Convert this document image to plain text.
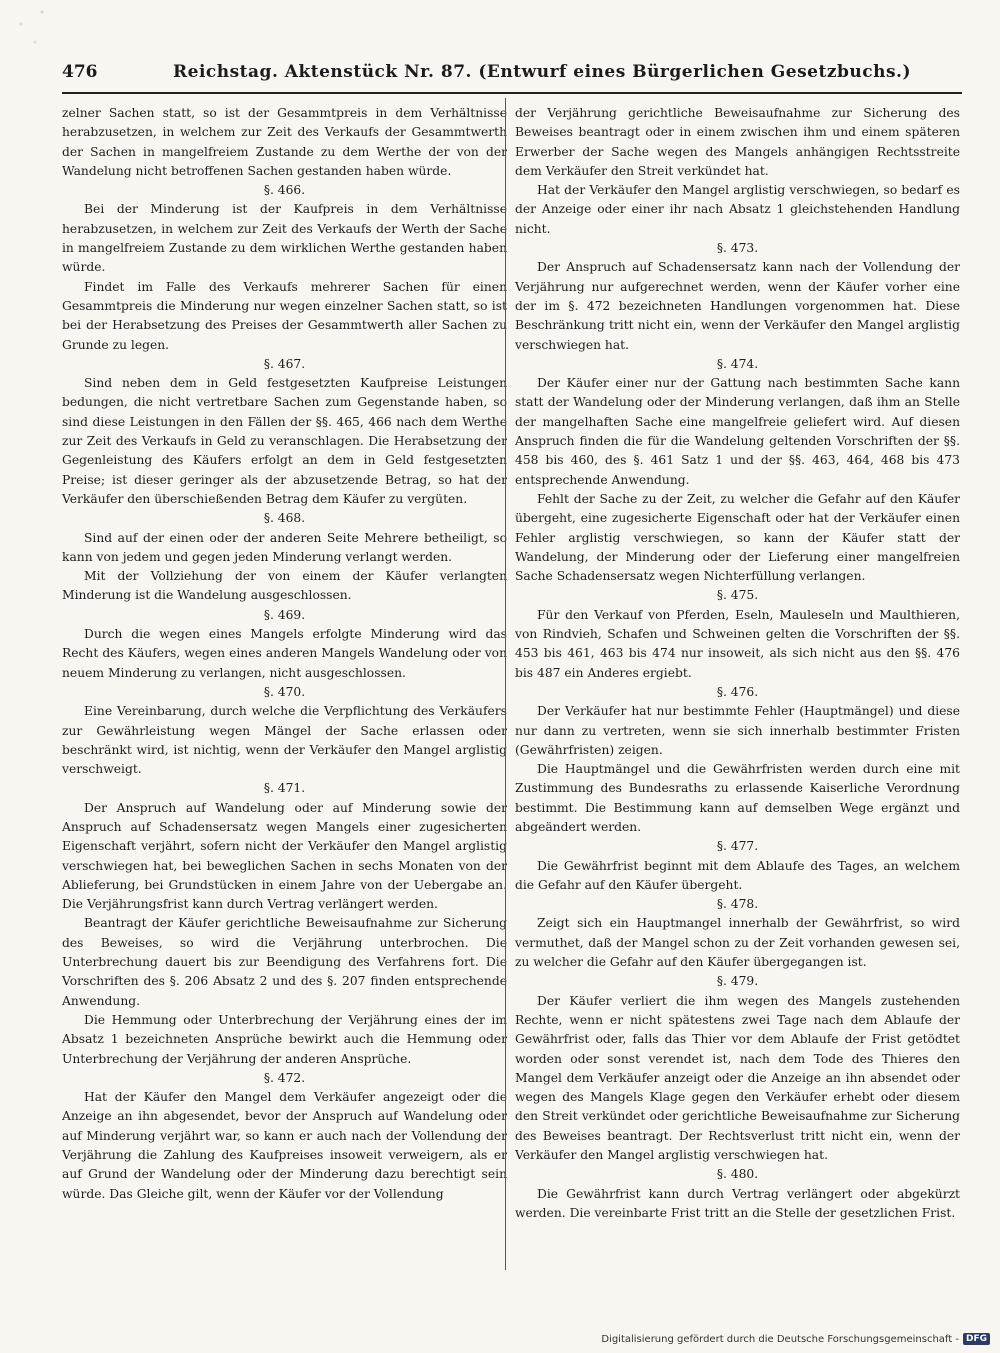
476	Reichstag. Aktenstück Nr. 87. (Entwurf eines Bürgerlichen Gesetzbuchs.)

zelner Sachen statt, so ist der Gesammtpreis in dem Verhältnisse herabzusetzen, in welchem zur Zeit des Verkaufs der Gesammtwerth der Sachen in mangelfreiem Zustande zu dem Werthe der von der Wandelung nicht betroffenen Sachen gestanden haben würde.

§. 466.

Bei der Minderung ist der Kaufpreis in dem Verhältnisse herabzusetzen, in welchem zur Zeit des Verkaufs der Werth der Sache in mangelfreiem Zustande zu dem wirklichen Werthe gestanden haben würde.

Findet im Falle des Verkaufs mehrerer Sachen für einen Gesammtpreis die Minderung nur wegen einzelner Sachen statt, so ist bei der Herabsetzung des Preises der Gesammtwerth aller Sachen zu Grunde zu legen.

§. 467.

Sind neben dem in Geld festgesetzten Kaufpreise Leistungen bedungen, die nicht vertretbare Sachen zum Gegenstande haben, so sind diese Leistungen in den Fällen der §§. 465, 466 nach dem Werthe zur Zeit des Verkaufs in Geld zu veranschlagen. Die Herabsetzung der Gegenleistung des Käufers erfolgt an dem in Geld festgesetzten Preise; ist dieser geringer als der abzusetzende Betrag, so hat der Verkäufer den überschießenden Betrag dem Käufer zu vergüten.

§. 468.

Sind auf der einen oder der anderen Seite Mehrere betheiligt, so kann von jedem und gegen jeden Minderung verlangt werden.

Mit der Vollziehung der von einem der Käufer verlangten Minderung ist die Wandelung ausgeschlossen.

§. 469.

Durch die wegen eines Mangels erfolgte Minderung wird das Recht des Käufers, wegen eines anderen Mangels Wandelung oder von neuem Minderung zu verlangen, nicht ausgeschlossen.

§. 470.

Eine Vereinbarung, durch welche die Verpflichtung des Verkäufers zur Gewährleistung wegen Mängel der Sache erlassen oder beschränkt wird, ist nichtig, wenn der Verkäufer den Mangel arglistig verschweigt.

§. 471.

Der Anspruch auf Wandelung oder auf Minderung sowie der Anspruch auf Schadensersatz wegen Mangels einer zugesicherten Eigenschaft verjährt, sofern nicht der Verkäufer den Mangel arglistig verschwiegen hat, bei beweglichen Sachen in sechs Monaten von der Ablieferung, bei Grundstücken in einem Jahre von der Uebergabe an. Die Verjährungsfrist kann durch Vertrag verlängert werden.

Beantragt der Käufer gerichtliche Beweisaufnahme zur Sicherung des Beweises, so wird die Verjährung unterbrochen. Die Unterbrechung dauert bis zur Beendigung des Verfahrens fort. Die Vorschriften des §. 206 Absatz 2 und des §. 207 finden entsprechende Anwendung.

Die Hemmung oder Unterbrechung der Verjährung eines der im Absatz 1 bezeichneten Ansprüche bewirkt auch die Hemmung oder Unterbrechung der Verjährung der anderen Ansprüche.

§. 472.

Hat der Käufer den Mangel dem Verkäufer angezeigt oder die Anzeige an ihn abgesendet, bevor der Anspruch auf Wandelung oder auf Minderung verjährt war, so kann er auch nach der Vollendung der Verjährung die Zahlung des Kaufpreises insoweit verweigern, als er auf Grund der Wandelung oder der Minderung dazu berechtigt sein würde. Das Gleiche gilt, wenn der Käufer vor der Vollendung

der Verjährung gerichtliche Beweisaufnahme zur Sicherung des Beweises beantragt oder in einem zwischen ihm und einem späteren Erwerber der Sache wegen des Mangels anhängigen Rechtsstreite dem Verkäufer den Streit verkündet hat.

Hat der Verkäufer den Mangel arglistig verschwiegen, so bedarf es der Anzeige oder einer ihr nach Absatz 1 gleichstehenden Handlung nicht.

§. 473.

Der Anspruch auf Schadensersatz kann nach der Vollendung der Verjährung nur aufgerechnet werden, wenn der Käufer vorher eine der im §. 472 bezeichneten Handlungen vorgenommen hat. Diese Beschränkung tritt nicht ein, wenn der Verkäufer den Mangel arglistig verschwiegen hat.

§. 474.

Der Käufer einer nur der Gattung nach bestimmten Sache kann statt der Wandelung oder der Minderung verlangen, daß ihm an Stelle der mangelhaften Sache eine mangelfreie geliefert wird. Auf diesen Anspruch finden die für die Wandelung geltenden Vorschriften der §§. 458 bis 460, des §. 461 Satz 1 und der §§. 463, 464, 468 bis 473 entsprechende Anwendung.

Fehlt der Sache zu der Zeit, zu welcher die Gefahr auf den Käufer übergeht, eine zugesicherte Eigenschaft oder hat der Verkäufer einen Fehler arglistig verschwiegen, so kann der Käufer statt der Wandelung, der Minderung oder der Lieferung einer mangelfreien Sache Schadensersatz wegen Nichterfüllung verlangen.

§. 475.

Für den Verkauf von Pferden, Eseln, Mauleseln und Maulthieren, von Rindvieh, Schafen und Schweinen gelten die Vorschriften der §§. 453 bis 461, 463 bis 474 nur insoweit, als sich nicht aus den §§. 476 bis 487 ein Anderes ergiebt.

§. 476.

Der Verkäufer hat nur bestimmte Fehler (Hauptmängel) und diese nur dann zu vertreten, wenn sie sich innerhalb bestimmter Fristen (Gewährfristen) zeigen.

Die Hauptmängel und die Gewährfristen werden durch eine mit Zustimmung des Bundesraths zu erlassende Kaiserliche Verordnung bestimmt. Die Bestimmung kann auf demselben Wege ergänzt und abgeändert werden.

§. 477.

Die Gewährfrist beginnt mit dem Ablaufe des Tages, an welchem die Gefahr auf den Käufer übergeht.

§. 478.

Zeigt sich ein Hauptmangel innerhalb der Gewährfrist, so wird vermuthet, daß der Mangel schon zu der Zeit vorhanden gewesen sei, zu welcher die Gefahr auf den Käufer übergegangen ist.

§. 479.

Der Käufer verliert die ihm wegen des Mangels zustehenden Rechte, wenn er nicht spätestens zwei Tage nach dem Ablaufe der Gewährfrist oder, falls das Thier vor dem Ablaufe der Frist getödtet worden oder sonst verendet ist, nach dem Tode des Thieres den Mangel dem Verkäufer anzeigt oder die Anzeige an ihn absendet oder wegen des Mangels Klage gegen den Verkäufer erhebt oder diesem den Streit verkündet oder gerichtliche Beweisaufnahme zur Sicherung des Beweises beantragt. Der Rechtsverlust tritt nicht ein, wenn der Verkäufer den Mangel arglistig verschwiegen hat.

§. 480.

Die Gewährfrist kann durch Vertrag verlängert oder abgekürzt werden. Die vereinbarte Frist tritt an die Stelle der gesetzlichen Frist.

Digitalisierung gefördert durch die Deutsche Forschungsgemeinschaft - DFG
